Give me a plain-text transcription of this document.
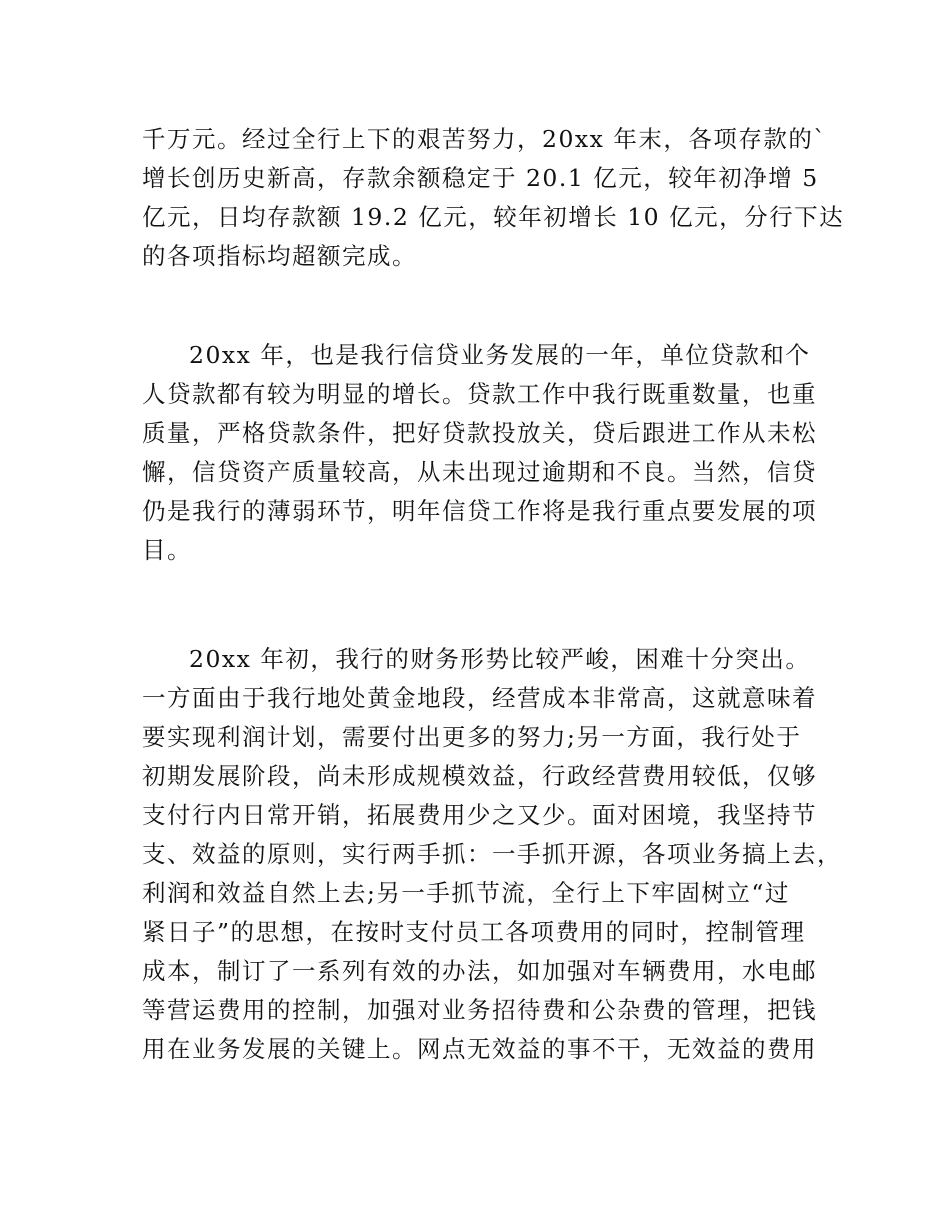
千万元。经过全行上下的艰苦努力，20xx 年末，各项存款的`
增长创历史新高，存款余额稳定于 20.1 亿元，较年初净增 5
亿元，日均存款额 19.2 亿元，较年初增长 10 亿元，分行下达
的各项指标均超额完成。
20xx 年，也是我行信贷业务发展的一年，单位贷款和个
人贷款都有较为明显的增长。贷款工作中我行既重数量，也重
质量，严格贷款条件，把好贷款投放关，贷后跟进工作从未松
懈，信贷资产质量较高，从未出现过逾期和不良。当然，信贷
仍是我行的薄弱环节，明年信贷工作将是我行重点要发展的项
目。
20xx 年初，我行的财务形势比较严峻，困难十分突出。
一方面由于我行地处黄金地段，经营成本非常高，这就意味着
要实现利润计划，需要付出更多的努力;另一方面，我行处于
初期发展阶段，尚未形成规模效益，行政经营费用较低，仅够
支付行内日常开销，拓展费用少之又少。面对困境，我坚持节
支、效益的原则，实行两手抓：一手抓开源，各项业务搞上去，
利润和效益自然上去;另一手抓节流，全行上下牢固树立“过
紧日子”的思想，在按时支付员工各项费用的同时，控制管理
成本，制订了一系列有效的办法，如加强对车辆费用，水电邮
等营运费用的控制，加强对业务招待费和公杂费的管理，把钱
用在业务发展的关键上。网点无效益的事不干，无效益的费用
